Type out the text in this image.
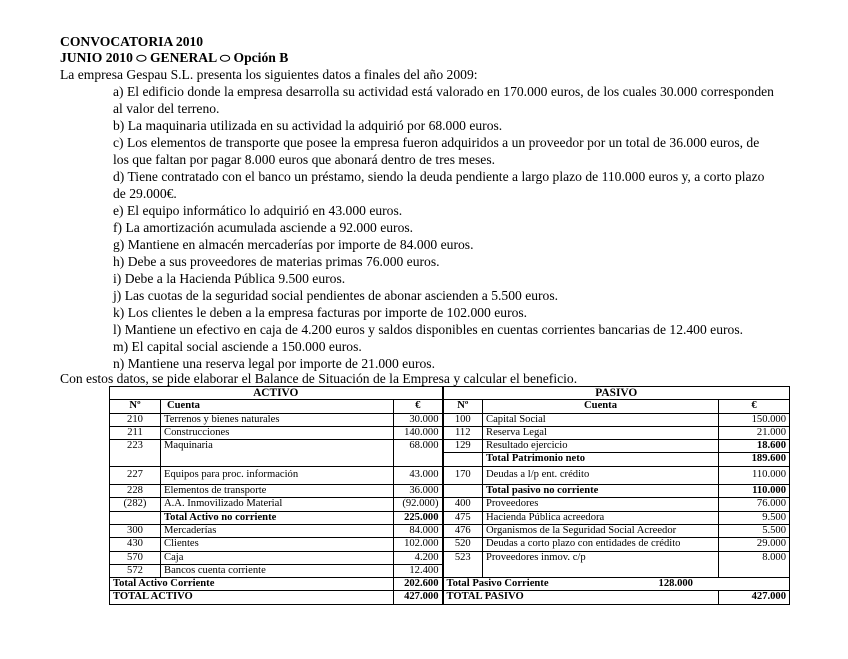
CONVOCATORIA 2010
JUNIO 2010 ⬭ GENERAL ⬭ Opción B
La empresa Gespau S.L. presenta los siguientes datos a finales del año 2009:
a) El edificio donde la empresa desarrolla su actividad está valorado en 170.000 euros, de los cuales 30.000 corresponden
al valor del terreno.
b) La maquinaria utilizada en su actividad la adquirió por 68.000 euros.
c) Los elementos de transporte que posee la empresa fueron adquiridos a un proveedor por un total de 36.000 euros, de
los que faltan por pagar 8.000 euros que abonará dentro de tres meses.
d) Tiene contratado con el banco un préstamo, siendo la deuda pendiente a largo plazo de 110.000 euros y, a corto plazo
de 29.000€.
e) El equipo informático lo adquirió en 43.000 euros.
f) La amortización acumulada asciende a 92.000 euros.
g) Mantiene en almacén mercaderías por importe de 84.000 euros.
h) Debe a sus proveedores de materias primas 76.000 euros.
i) Debe a la Hacienda Pública 9.500 euros.
j) Las cuotas de la seguridad social pendientes de abonar ascienden a 5.500 euros.
k) Los clientes le deben a la empresa facturas por importe de 102.000 euros.
l) Mantiene un efectivo en caja de 4.200 euros y saldos disponibles en cuentas corrientes bancarias de 12.400 euros.
m) El capital social asciende a 150.000 euros.
n) Mantiene una reserva legal por importe de 21.000 euros.
Con estos datos, se pide elaborar el Balance de Situación de la Empresa y calcular el beneficio.
ACTIVO			PASIVO		
Nº	Cuenta	€	Nº	Cuenta	€
210	Terrenos y bienes naturales	30.000	100	Capital Social	150.000
211	Construcciones	140.000	112	Reserva Legal	21.000
223	Maquinaria	68.000	129	Resultado ejercicio	18.600
				Total Patrimonio neto	189.600
227	Equipos para proc. información	43.000	170	Deudas a l/p ent. crédito	110.000
228	Elementos de transporte	36.000		Total pasivo no corriente	110.000
(282)	A.A. Inmovilizado Material	(92.000)	400	Proveedores	76.000
	Total Activo no corriente	225.000	475	Hacienda Pública acreedora	9.500
300	Mercaderías	84.000	476	Organismos de la Seguridad Social Acreedor	5.500
430	Clientes	102.000	520	Deudas a corto plazo con entidades de crédito	29.000
570	Caja	4.200	523	Proveedores inmov. c/p	8.000
572	Bancos cuenta corriente	12.400			
Total Activo Corriente		202.600	Total Pasivo Corriente 128.000		

TOTAL ACTIVO		427.000	TOTAL PASIVO		427.000
